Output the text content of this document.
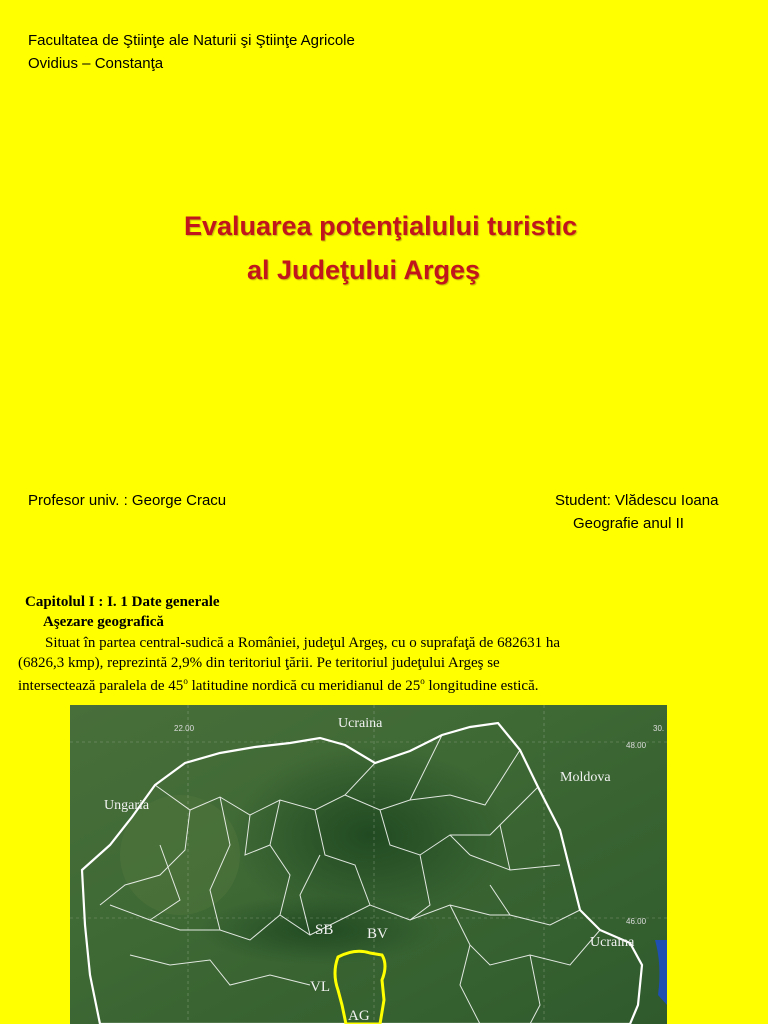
Facultatea de Ştiinţe ale Naturii şi Ştiinţe Agricole
Ovidius – Constanţa
Evaluarea potenţialului turistic
al Judeţului Argeş
Profesor univ. : George Cracu	Student: Vlădescu Ioana
Geografie anul II
Capitolul I : I. 1 Date generale
Aşezare geografică
Situat în partea central-sudică a României, judeţul Argeş, cu o suprafaţă de 682631 ha
(6826,3 kmp), reprezintă 2,9% din teritoriul ţării. Pe teritoriul judeţului Argeş se
intersectează paralela de 45$^o$ latitudine nordică cu meridianul de 25$^o$ longitudine estică.
22.00	30.
48.00
46.00
Ucraina
Moldova
Ungaria
Ucraina
SB BV
VL
AG
